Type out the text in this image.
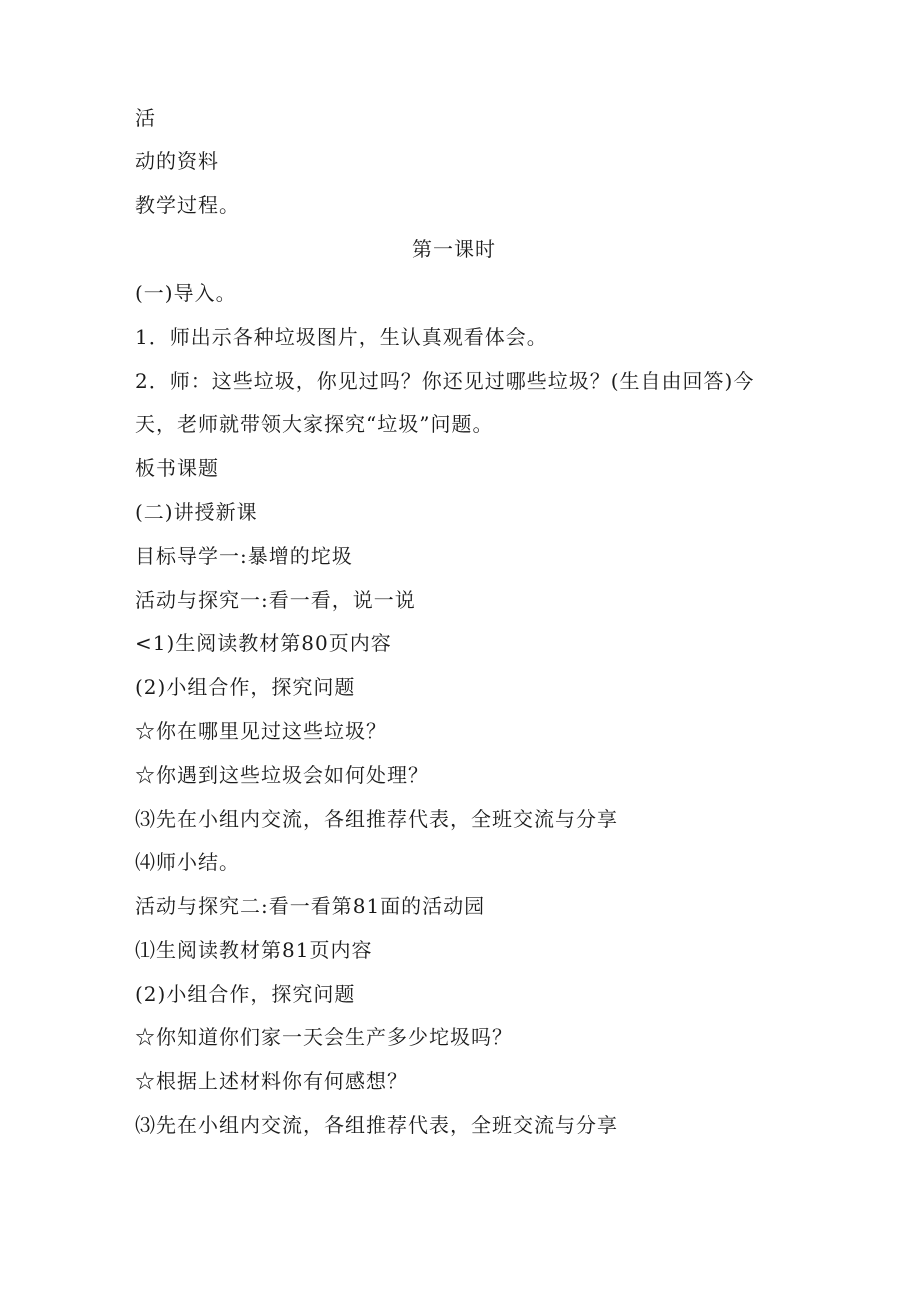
活
动的资料
教学过程。
第一课时
(一)导入。
1．师出示各种垃圾图片，生认真观看体会。
2．师：这些垃圾，你见过吗？你还见过哪些垃圾？(生自由回答)今
天，老师就带领大家探究“垃圾”问题。
板书课题
(二)讲授新课
目标导学一:暴增的坨圾
活动与探究一:看一看，说一说
<1)生阅读教材第80页内容
(2)小组合作，探究问题
☆你在哪里见过这些垃圾？
☆你遇到这些垃圾会如何处理？
⑶先在小组内交流，各组推荐代表，全班交流与分享
⑷师小结。
活动与探究二:看一看第81面的活动园
⑴生阅读教材第81页内容
(2)小组合作，探究问题
☆你知道你们家一天会生产多少坨圾吗？
☆根据上述材料你有何感想？
⑶先在小组内交流，各组推荐代表，全班交流与分享
